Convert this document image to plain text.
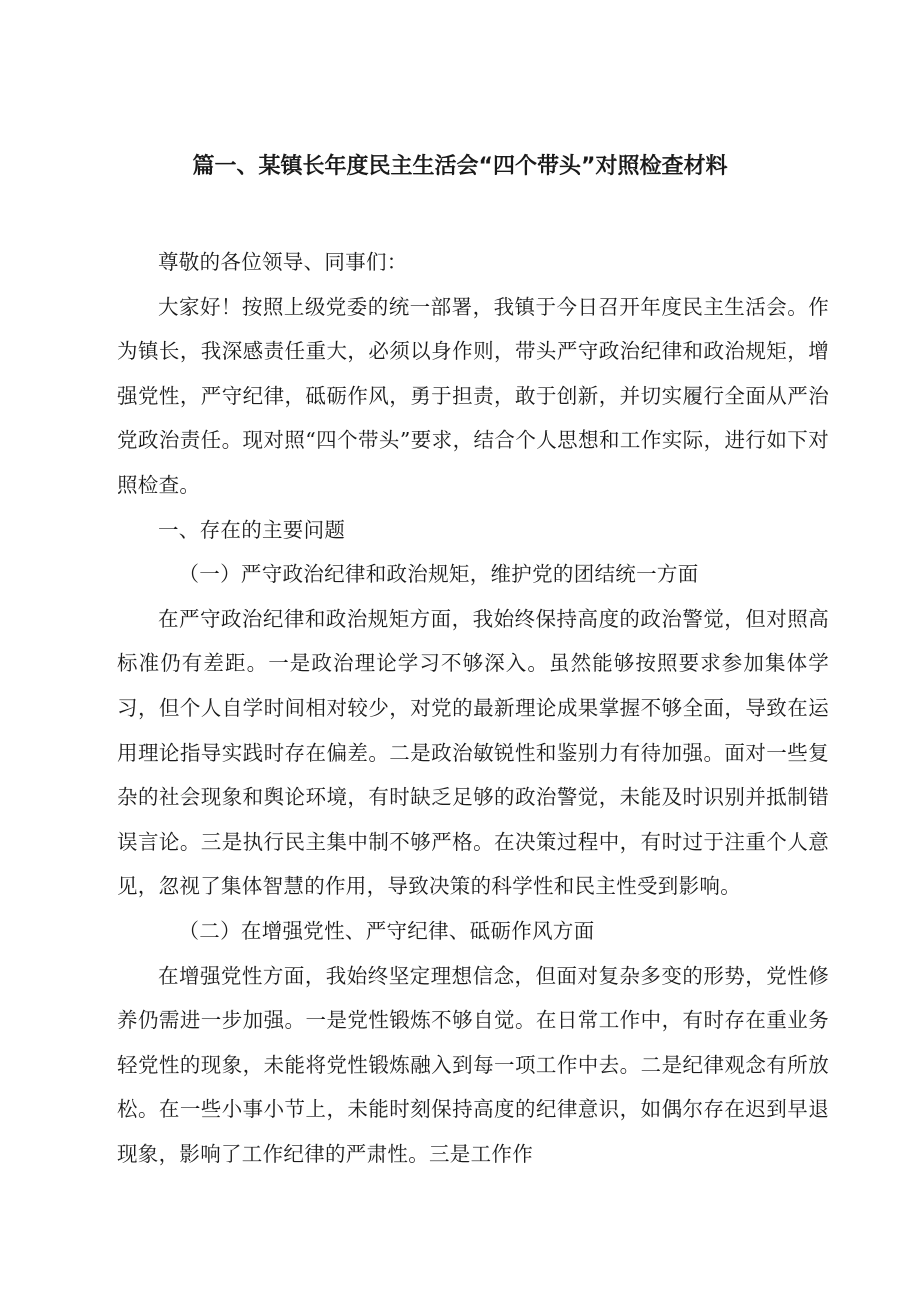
篇一、某镇长年度民主生活会“四个带头”对照检查材料

尊敬的各位领导、同事们：

大家好！按照上级党委的统一部署，我镇于今日召开年度民主生活会。作为镇长，我深感责任重大，必须以身作则，带头严守政治纪律和政治规矩，增强党性，严守纪律，砥砺作风，勇于担责，敢于创新，并切实履行全面从严治党政治责任。现对照“四个带头”要求，结合个人思想和工作实际，进行如下对照检查。

一、存在的主要问题

（一）严守政治纪律和政治规矩，维护党的团结统一方面

在严守政治纪律和政治规矩方面，我始终保持高度的政治警觉，但对照高标准仍有差距。一是政治理论学习不够深入。虽然能够按照要求参加集体学习，但个人自学时间相对较少，对党的最新理论成果掌握不够全面，导致在运用理论指导实践时存在偏差。二是政治敏锐性和鉴别力有待加强。面对一些复杂的社会现象和舆论环境，有时缺乏足够的政治警觉，未能及时识别并抵制错误言论。三是执行民主集中制不够严格。在决策过程中，有时过于注重个人意见，忽视了集体智慧的作用，导致决策的科学性和民主性受到影响。

（二）在增强党性、严守纪律、砥砺作风方面

在增强党性方面，我始终坚定理想信念，但面对复杂多变的形势，党性修养仍需进一步加强。一是党性锻炼不够自觉。在日常工作中，有时存在重业务轻党性的现象，未能将党性锻炼融入到每一项工作中去。二是纪律观念有所放松。在一些小事小节上，未能时刻保持高度的纪律意识，如偶尔存在迟到早退现象，影响了工作纪律的严肃性。三是工作作
